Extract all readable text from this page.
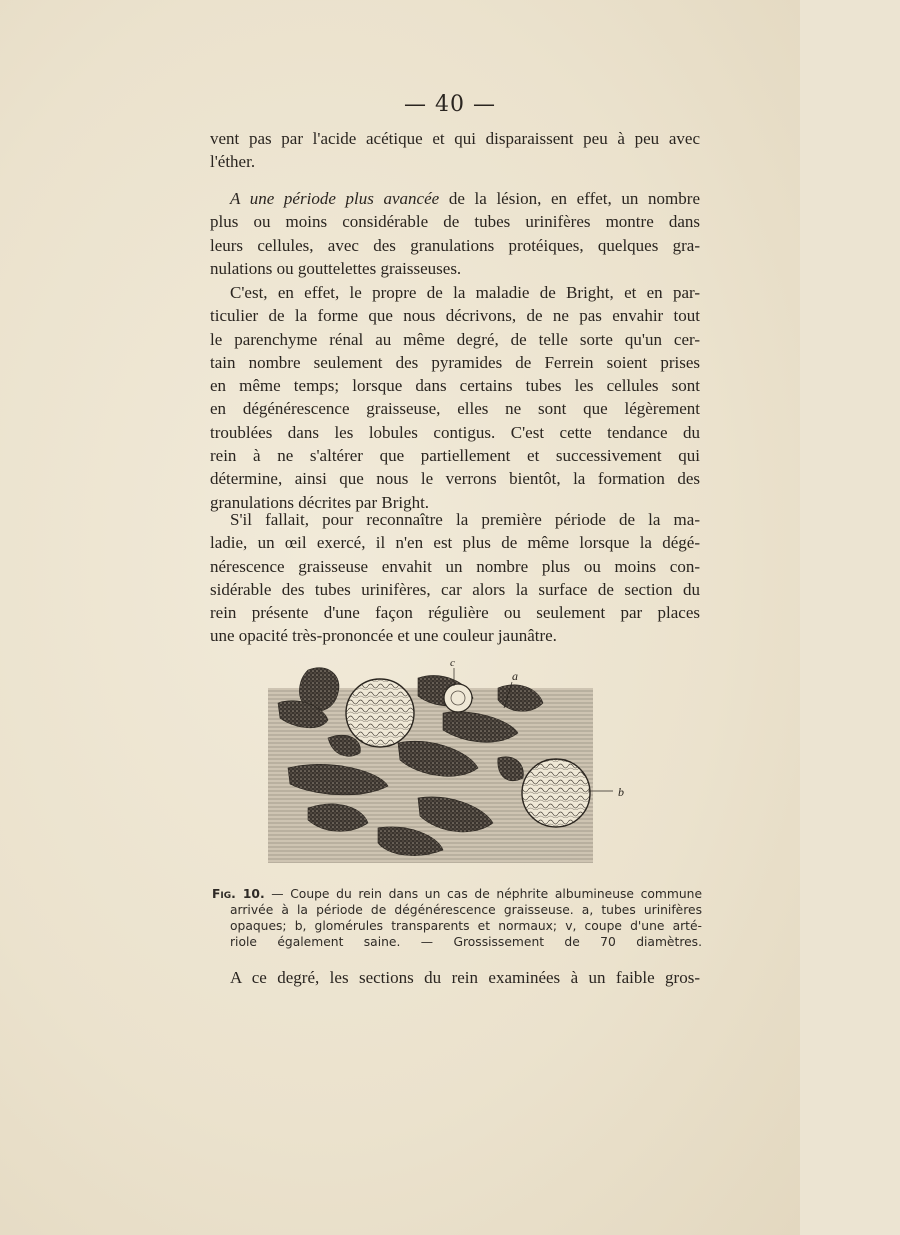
— 40 —
vent pas par l'acide acétique et qui disparaissent peu à peu avec
l'éther.
A une période plus avancée de la lésion, en effet, un nombre
plus ou moins considérable de tubes urinifères montre dans
leurs cellules, avec des granulations protéiques, quelques gra-
nulations ou gouttelettes graisseuses.
C'est, en effet, le propre de la maladie de Bright, et en par-
ticulier de la forme que nous décrivons, de ne pas envahir tout
le parenchyme rénal au même degré, de telle sorte qu'un cer-
tain nombre seulement des pyramides de Ferrein soient prises
en même temps; lorsque dans certains tubes les cellules sont
en dégénérescence graisseuse, elles ne sont que légèrement
troublées dans les lobules contigus. C'est cette tendance du
rein à ne s'altérer que partiellement et successivement qui
détermine, ainsi que nous le verrons bientôt, la formation des
granulations décrites par Bright.
S'il fallait, pour reconnaître la première période de la ma-
ladie, un œil exercé, il n'en est plus de même lorsque la dégé-
nérescence graisseuse envahit un nombre plus ou moins con-
sidérable des tubes urinifères, car alors la surface de section du
rein présente d'une façon régulière ou seulement par places
une opacité très-prononcée et une couleur jaunâtre.
c
a
b
Fig. 10. — Coupe du rein dans un cas de néphrite albumineuse commune
arrivée à la période de dégénérescence graisseuse. a, tubes urinifères
opaques; b, glomérules transparents et normaux; v, coupe d'une arté-
riole également saine. — Grossissement de 70 diamètres.
A ce degré, les sections du rein examinées à un faible gros-
